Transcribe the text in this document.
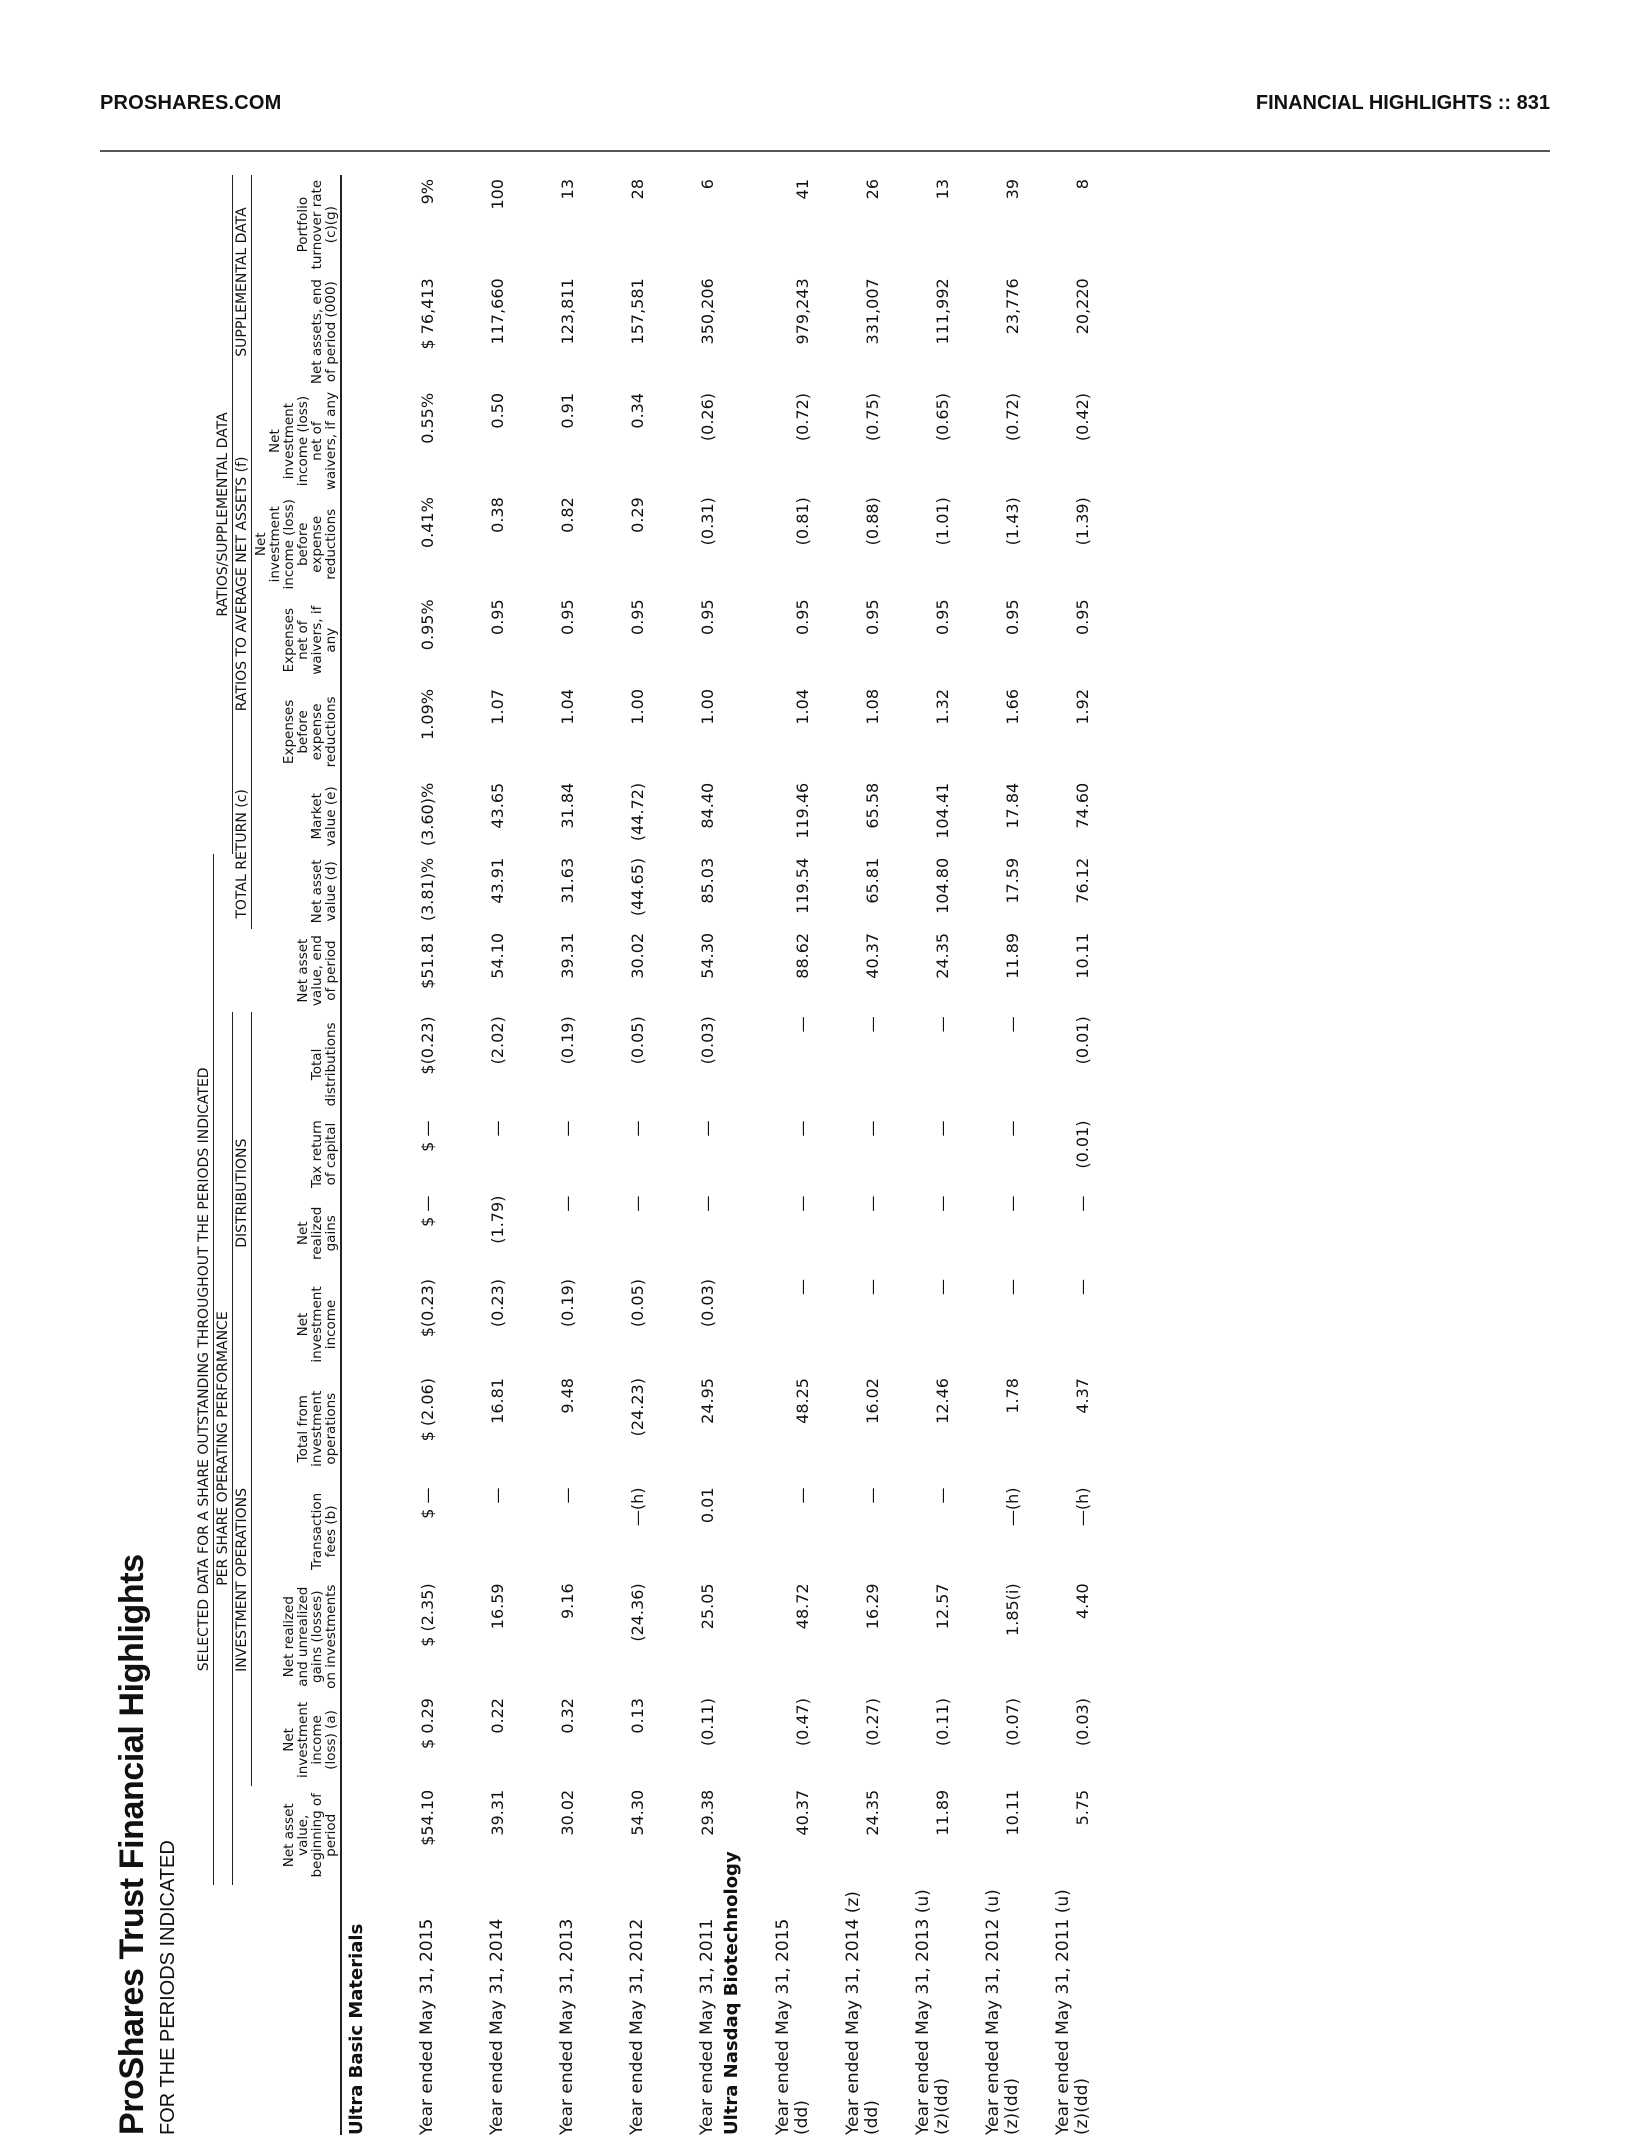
PROSHARES.COM	FINANCIAL HIGHLIGHTS :: 831
ProShares Trust Financial Highlights FOR THE PERIODS INDICATED
	SELECTED DATA FOR A SHARE OUTSTANDING THROUGHOUT THE PERIODS INDICATED																	
	PER SHARE OPERATING PERFORMANCE											RATIOS/SUPPLEMENTAL DATA						
		INVESTMENT OPERATIONS				DISTRIBUTIONS					TOTAL RETURN (c)		RATIOS TO AVERAGE NET ASSETS (f)				SUPPLEMENTAL DATA	
	Net asset value, beginning of period	Net investment income (loss) (a)	Net realized and unrealized gains (losses) on investments	Transaction fees (b)	Total from investment operations	Net investment income	Net realized gains	Tax return of capital	Total distributions	Net asset value, end of period	Net asset value (d)	Market value (e)	Expenses before expense reductions	Expenses net of waivers, if any	Net investment income (loss) before expense reductions	Net investment income (loss) net of waivers, if any	Net assets, end of period (000)	Portfolio turnover rate (c)(g)
Ultra Basic Materials																		
Year ended May 31, 2015	$54.10	$ 0.29	$ (2.35)	$ —	$ (2.06)	$(0.23)	$ —	$ —	$(0.23)	$51.81	(3.81)%	(3.60)%	1.09%	0.95%	0.41%	0.55%	$ 76,413	9%
Year ended May 31, 2014	39.31	0.22	16.59	—	16.81	(0.23)	(1.79)	—	(2.02)	54.10	43.91	43.65	1.07	0.95	0.38	0.50	117,660	100
Year ended May 31, 2013	30.02	0.32	9.16	—	9.48	(0.19)	—	—	(0.19)	39.31	31.63	31.84	1.04	0.95	0.82	0.91	123,811	13
Year ended May 31, 2012	54.30	0.13	(24.36)	—(h)	(24.23)	(0.05)	—	—	(0.05)	30.02	(44.65)	(44.72)	1.00	0.95	0.29	0.34	157,581	28
Year ended May 31, 2011	29.38	(0.11)	25.05	0.01	24.95	(0.03)	—	—	(0.03)	54.30	85.03	84.40	1.00	0.95	(0.31)	(0.26)	350,206	6
Ultra Nasdaq Biotechnology																		
Year ended May 31, 2015 (dd)	40.37	(0.47)	48.72	—	48.25	—	—	—	—	88.62	119.54	119.46	1.04	0.95	(0.81)	(0.72)	979,243	41
Year ended May 31, 2014 (z)(dd)	24.35	(0.27)	16.29	—	16.02	—	—	—	—	40.37	65.81	65.58	1.08	0.95	(0.88)	(0.75)	331,007	26
Year ended May 31, 2013 (u)(z)(dd)	11.89	(0.11)	12.57	—	12.46	—	—	—	—	24.35	104.80	104.41	1.32	0.95	(1.01)	(0.65)	111,992	13
Year ended May 31, 2012 (u)(z)(dd)	10.11	(0.07)	1.85(i)	—(h)	1.78	—	—	—	—	11.89	17.59	17.84	1.66	0.95	(1.43)	(0.72)	23,776	39
Year ended May 31, 2011 (u)(z)(dd)	5.75	(0.03)	4.40	—(h)	4.37	—	—	(0.01)	(0.01)	10.11	76.12	74.60	1.92	0.95	(1.39)	(0.42)	20,220	8
